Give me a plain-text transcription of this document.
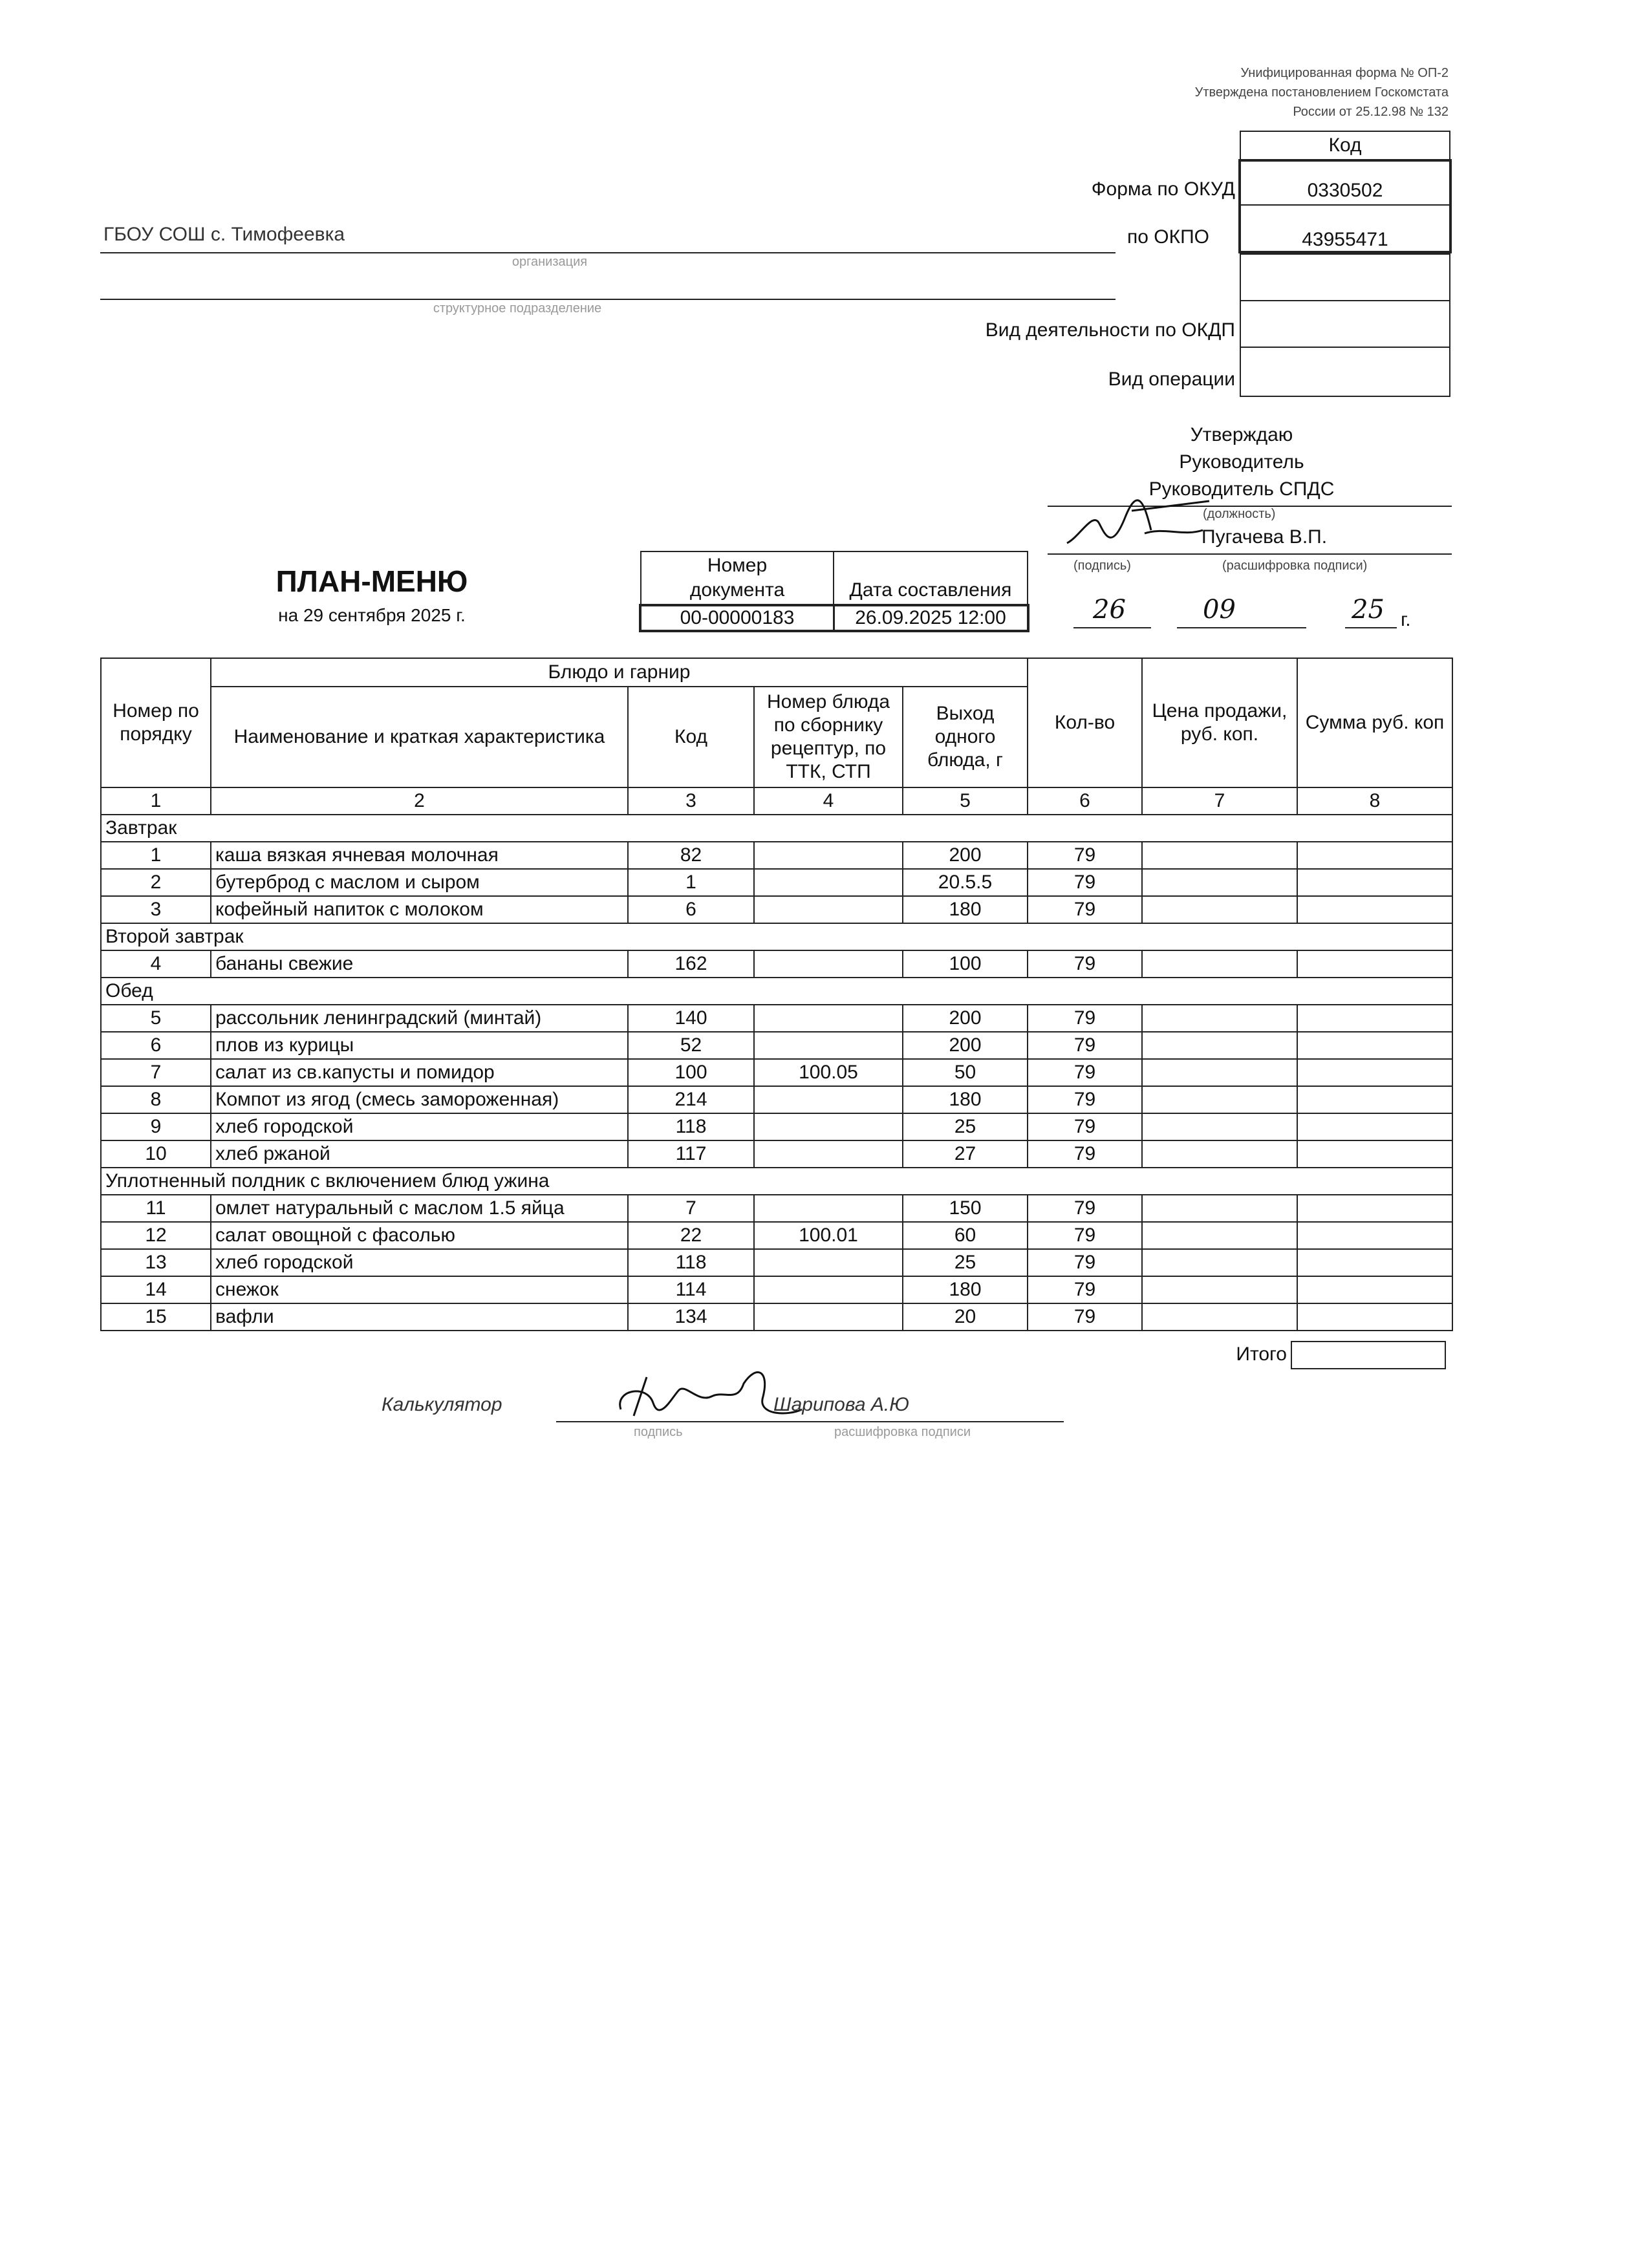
Унифицированная форма № ОП-2
Утверждена постановлением Госкомстата
России от 25.12.98 № 132
Код
0330502
43955471
Форма по ОКУД
по ОКПО
Вид деятельности по ОКДП
Вид операции
ГБОУ СОШ с. Тимофеевка
организация
структурное подразделение
Утверждаю
Руководитель
Руководитель СПДС
(должность)
Пугачева В.П.
(подпись)	(расшифровка подписи)
26	09	25 г.
ПЛАН-МЕНЮ
на 29 сентября 2025 г.
Номер документа	Дата составления
00-00000183	26.09.2025 12:00
Номер по порядку	Блюдо и гарнир				Кол-во	Цена продажи, руб. коп.	Сумма руб. коп
	Наименование и краткая характеристика	Код	Номер блюда по сборнику рецептур, по ТТК, СТП	Выход одного блюда, г			
1	2	3	4	5	6	7	8
Завтрак							
1	каша вязкая ячневая молочная	82		200	79		
2	бутерброд с маслом и сыром	1		20.5.5	79		
3	кофейный напиток с молоком	6		180	79		
Второй завтрак							
4	бананы свежие	162		100	79		
Обед							
5	рассольник ленинградский (минтай)	140		200	79		
6	плов из курицы	52		200	79		
7	салат из св.капусты и помидор	100	100.05	50	79		
8	Компот из ягод (смесь замороженная)	214		180	79		
9	хлеб городской	118		25	79		
10	хлеб ржаной	117		27	79		
Уплотненный полдник с включением блюд ужина							
11	омлет натуральный с маслом 1.5 яйца	7		150	79		
12	салат овощной с фасолью	22	100.01	60	79		
13	хлеб городской	118		25	79		
14	снежок	114		180	79		
15	вафли	134		20	79		
Итого
Калькулятор	Шарипова А.Ю
подпись	расшифровка подписи
